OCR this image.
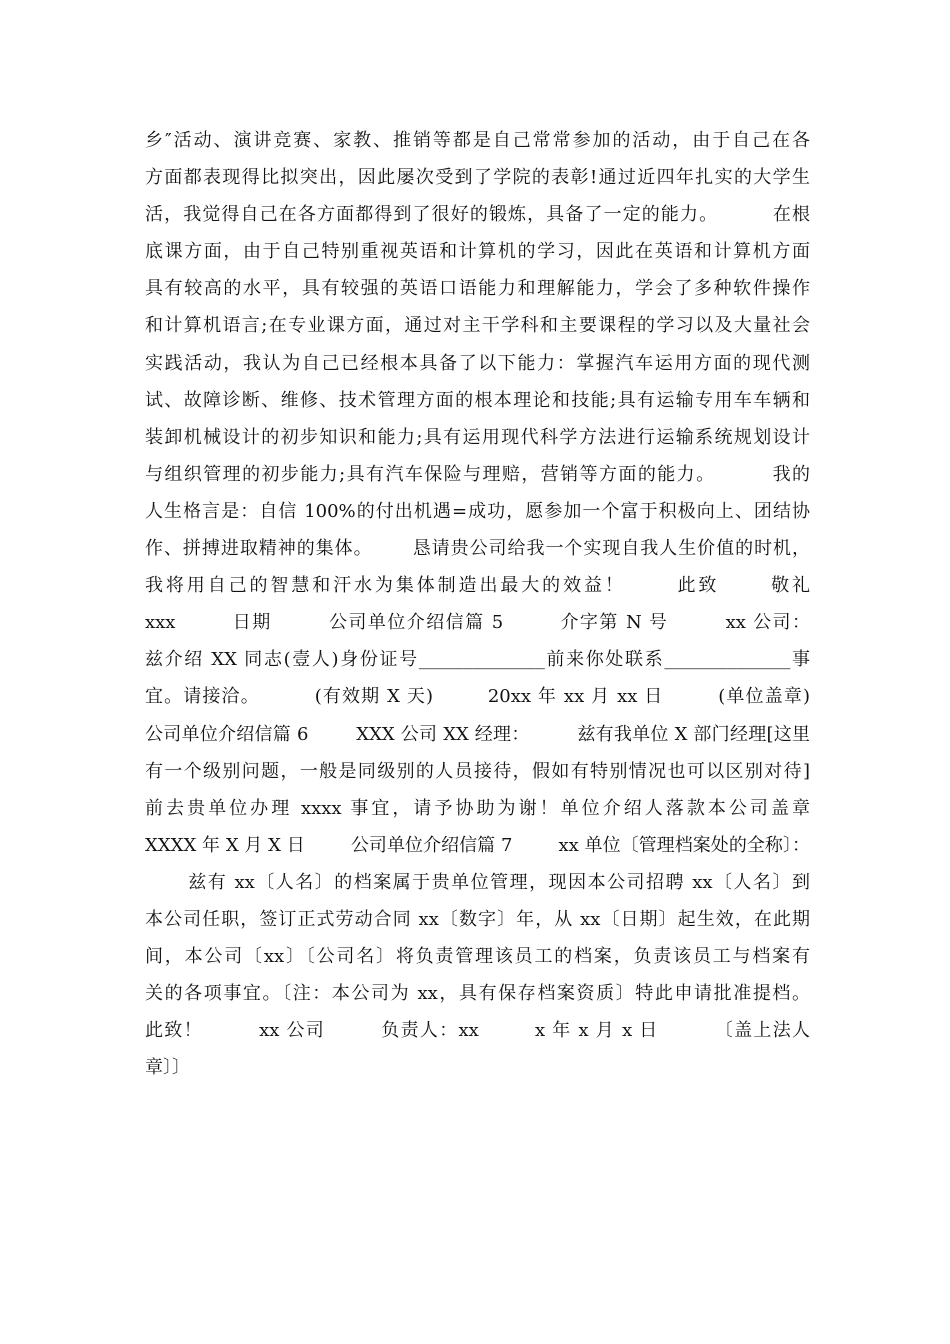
乡″活动、演讲竞赛、家教、推销等都是自己常常参加的活动，由于自己在各
方面都表现得比拟突出，因此屡次受到了学院的表彰!通过近四年扎实的大学生
活，我觉得自己在各方面都得到了很好的锻炼，具备了一定的能力。        在根
底课方面，由于自己特别重视英语和计算机的学习，因此在英语和计算机方面
具有较高的水平，具有较强的英语口语能力和理解能力，学会了多种软件操作
和计算机语言;在专业课方面，通过对主干学科和主要课程的学习以及大量社会
实践活动，我认为自己已经根本具备了以下能力：掌握汽车运用方面的现代测
试、故障诊断、维修、技术管理方面的根本理论和技能;具有运输专用车车辆和
装卸机械设计的初步知识和能力;具有运用现代科学方法进行运输系统规划设计
与组织管理的初步能力;具有汽车保险与理赔，营销等方面的能力。        我的
人生格言是：自信 100%的付出机遇=成功，愿参加一个富于积极向上、团结协
作、拼搏进取精神的集体。      恳请贵公司给我一个实现自我人生价值的时机，
我将用自己的智慧和汗水为集体制造出最大的效益！      此致      敬礼
xxx        日期        公司单位介绍信篇 5        介字第 N 号        xx 公司：
兹介绍 XX 同志(壹人)身份证号______________前来你处联系______________事
宜。请接洽。        (有效期 X 天)        20xx 年 xx 月 xx 日        (单位盖章)
公司单位介绍信篇 6        XXX 公司 XX 经理：        兹有我单位 X 部门经理[这里
有一个级别问题，一般是同级别的人员接待，假如有特别情况也可以区别对待]
前去贵单位办理 xxxx 事宜，请予协助为谢！单位介绍人落款本公司盖章
XXXX 年 X 月 X 日        公司单位介绍信篇 7        xx 单位〔管理档案处的全称〕：
兹有 xx〔人名〕的档案属于贵单位管理，现因本公司招聘 xx〔人名〕到
本公司任职，签订正式劳动合同 xx〔数字〕年，从 xx〔日期〕起生效，在此期
间，本公司〔xx〕〔公司名〕将负责管理该员工的档案，负责该员工与档案有
关的各项事宜。〔注：本公司为 xx，具有保存档案资质〕特此申请批准提档。
此致！        xx 公司        负责人：xx        x 年 x 月 x 日        〔盖上法人
章〕〕
